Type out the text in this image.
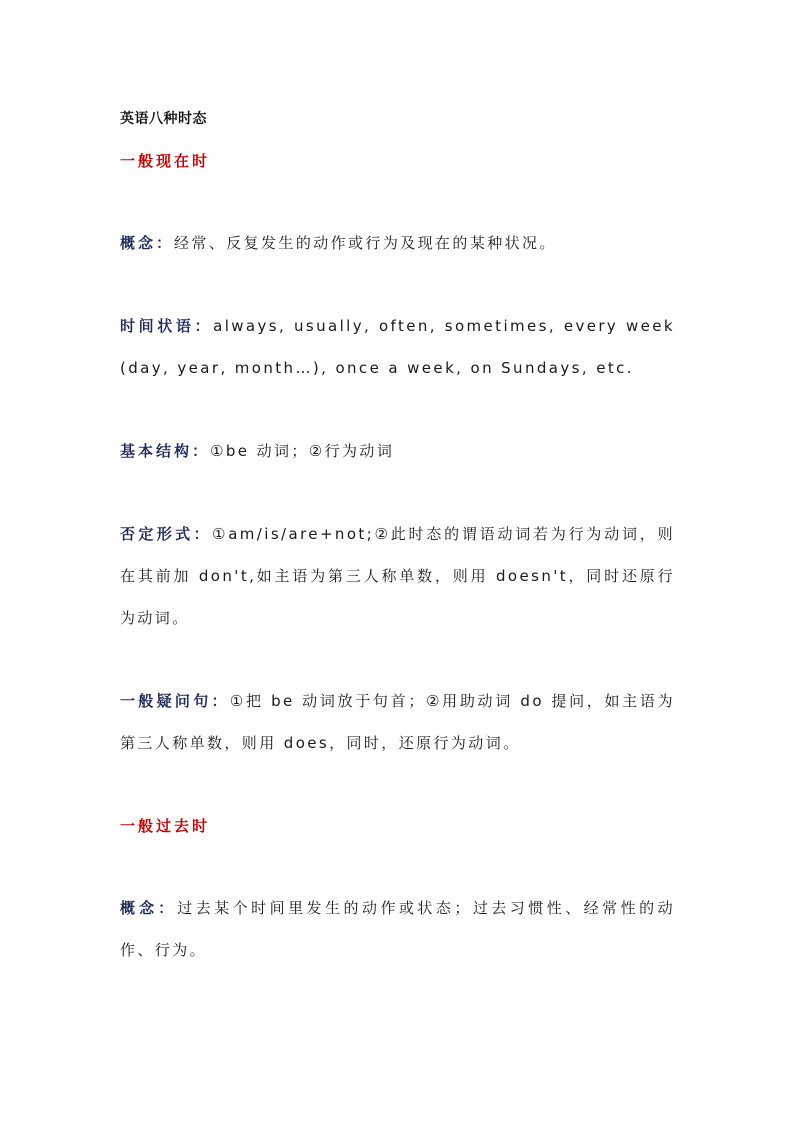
英语八种时态
一般现在时
概念：经常、反复发生的动作或行为及现在的某种状况。
时间状语：always, usually, often, sometimes, every week (day, year, month…), once a week, on Sundays, etc.
基本结构：①be 动词；②行为动词
否定形式：①am/is/are+not;②此时态的谓语动词若为行为动词，则在其前加 don't,如主语为第三人称单数，则用 doesn't，同时还原行为动词。
一般疑问句：①把 be 动词放于句首；②用助动词 do 提问，如主语为第三人称单数，则用 does，同时，还原行为动词。
一般过去时
概念：过去某个时间里发生的动作或状态；过去习惯性、经常性的动作、行为。
